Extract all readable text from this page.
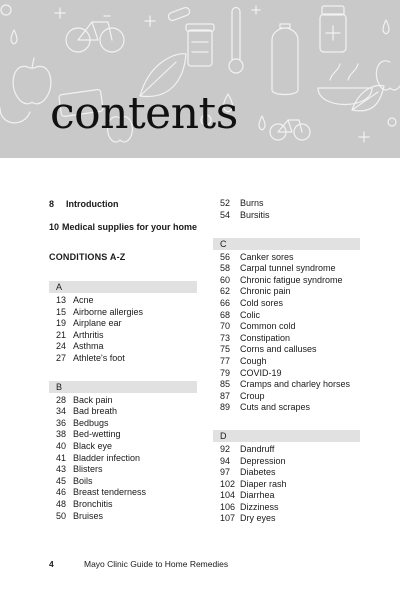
contents
8	Introduction
10 Medical supplies for your home
CONDITIONS A-Z
A
13 Acne
15 Airborne allergies
19 Airplane ear
21 Arthritis
24 Asthma
27 Athlete's foot
B
28 Back pain
34 Bad breath
36 Bedbugs
38 Bed-wetting
40 Black eye
41 Bladder infection
43 Blisters
45 Boils
46 Breast tenderness
48 Bronchitis
50 Bruises
52	Burns
54	Bursitis
C
56	Canker sores
58	Carpal tunnel syndrome
60	Chronic fatigue syndrome
62	Chronic pain
66	Cold sores
68	Colic
70	Common cold
73	Constipation
75	Corns and calluses
77	Cough
79	COVID-19
85	Cramps and charley horses
87	Croup
89	Cuts and scrapes
D
92	Dandruff
94	Depression
97	Diabetes
102 Diaper rash
104 Diarrhea
106 Dizziness
107 Dry eyes
4	Mayo Clinic Guide to Home Remedies
